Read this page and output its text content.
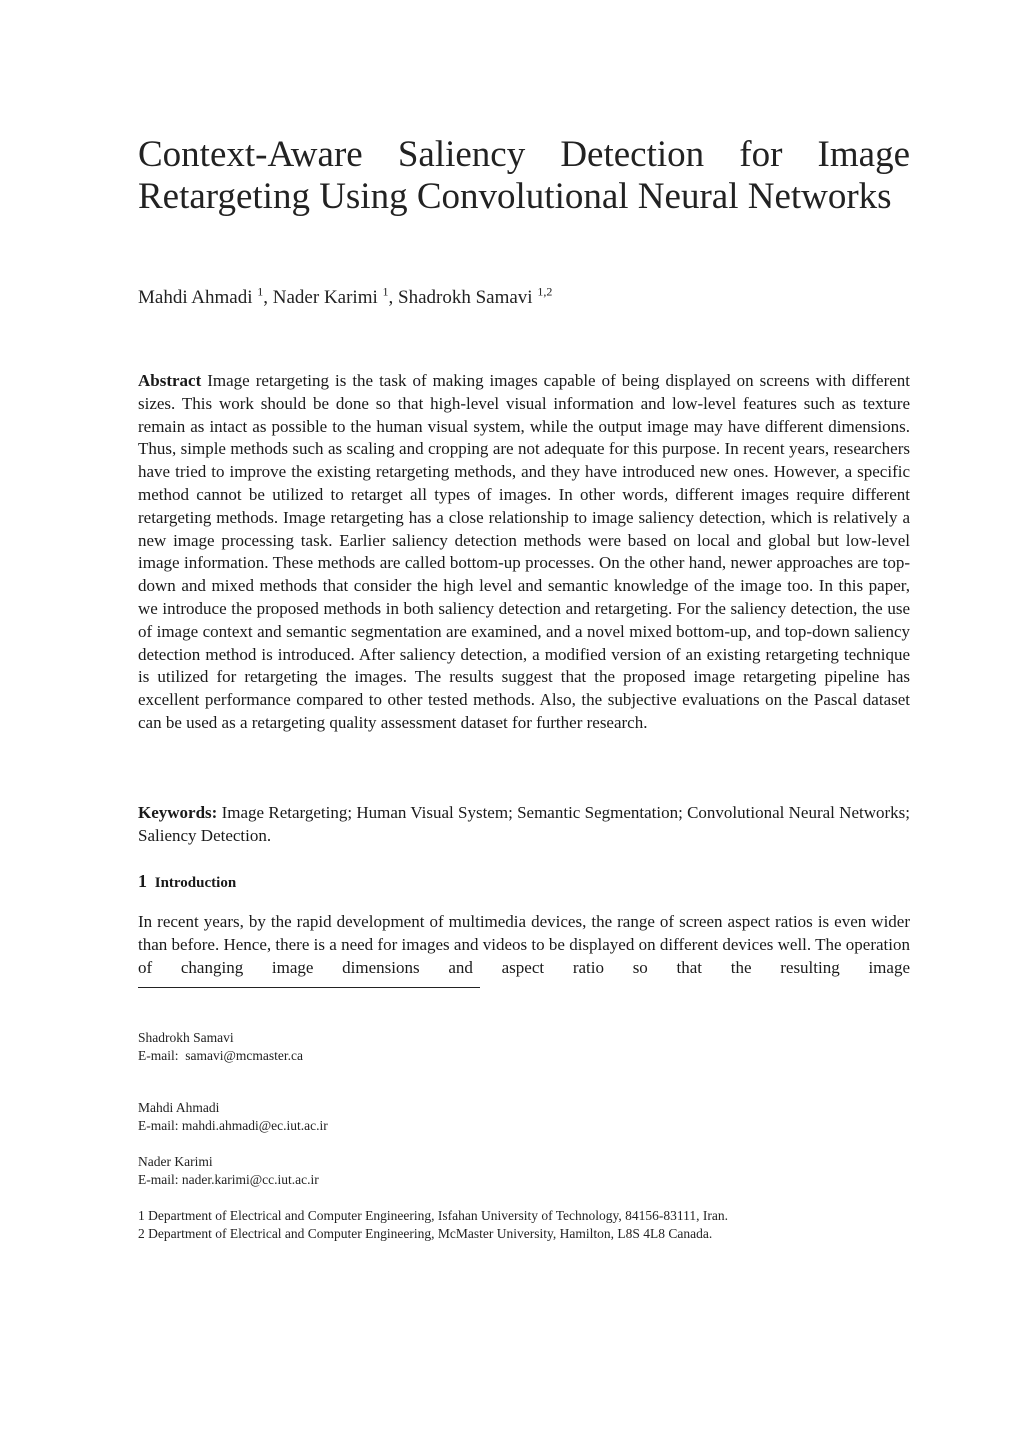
Context-Aware Saliency Detection for Image Retargeting Using Convolutional Neural Networks
Mahdi Ahmadi $^1$, Nader Karimi $^1$, Shadrokh Samavi $^{1,2}$

Abstract Image retargeting is the task of making images capable of being displayed on screens with different sizes. This work should be done so that high-level visual information and low-level features such as texture remain as intact as possible to the human visual system, while the output image may have different dimensions. Thus, simple methods such as scaling and cropping are not adequate for this purpose. In recent years, researchers have tried to improve the existing retargeting methods, and they have introduced new ones. However, a specific method cannot be utilized to retarget all types of images. In other words, different images require different retargeting methods. Image retargeting has a close relationship to image saliency detection, which is relatively a new image processing task. Earlier saliency detection methods were based on local and global but low-level image information. These methods are called bottom-up processes. On the other hand, newer approaches are top-down and mixed methods that consider the high level and semantic knowledge of the image too. In this paper, we introduce the proposed methods in both saliency detection and retargeting. For the saliency detection, the use of image context and semantic segmentation are examined, and a novel mixed bottom-up, and top-down saliency detection method is introduced. After saliency detection, a modified version of an existing retargeting technique is utilized for retargeting the images. The results suggest that the proposed image retargeting pipeline has excellent performance compared to other tested methods. Also, the subjective evaluations on the Pascal dataset can be used as a retargeting quality assessment dataset for further research.

Keywords: Image Retargeting; Human Visual System; Semantic Segmentation; Convolutional Neural Networks; Saliency Detection.

1 Introduction

In recent years, by the rapid development of multimedia devices, the range of screen aspect ratios is even wider than before. Hence, there is a need for images and videos to be displayed on different devices well. The operation of changing image dimensions and aspect ratio so that the resulting image

Shadrokh Samavi
E-mail: samavi@mcmaster.ca
Mahdi Ahmadi
E-mail: mahdi.ahmadi@ec.iut.ac.ir
Nader Karimi
E-mail: nader.karimi@cc.iut.ac.ir
1 Department of Electrical and Computer Engineering, Isfahan University of Technology, 84156-83111, Iran.
2 Department of Electrical and Computer Engineering, McMaster University, Hamilton, L8S 4L8 Canada.
